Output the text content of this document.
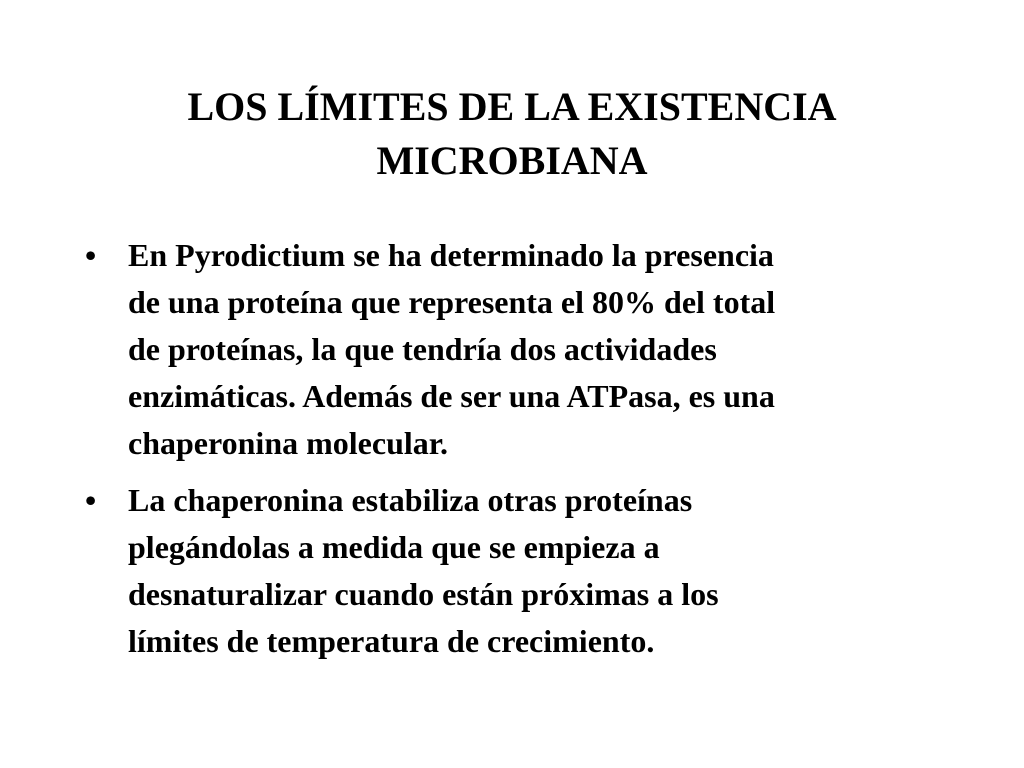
LOS LÍMITES DE LA EXISTENCIA
MICROBIANA
• En Pyrodictium se ha determinado la presencia
de una proteína que representa el 80% del total
de proteínas, la que tendría dos actividades
enzimáticas. Además de ser una ATPasa, es una
chaperonina molecular.
• La chaperonina estabiliza otras proteínas
plegándolas a medida que se empieza a
desnaturalizar cuando están próximas a los
límites de temperatura de crecimiento.
